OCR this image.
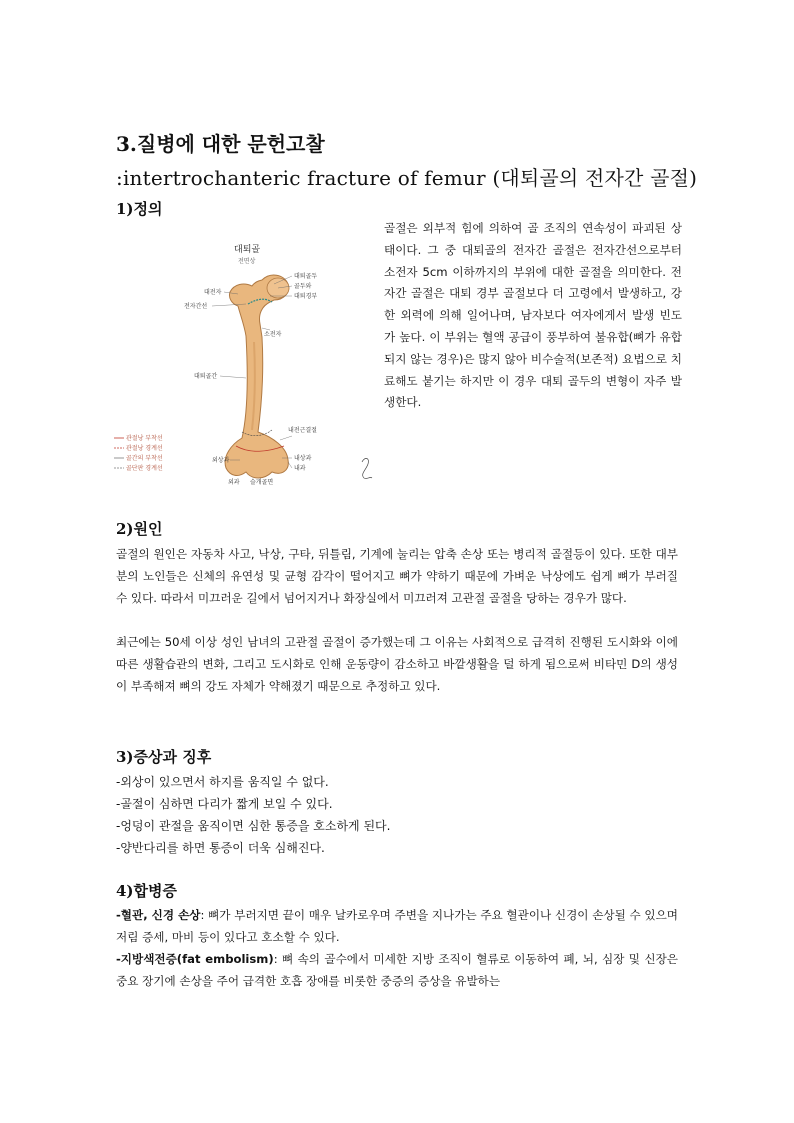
3.질병에 대한 문헌고찰
:intertrochanteric fracture of femur (대퇴골의 전자간 골절)
1)정의
대퇴골
전면상
대전자
대퇴골두
골두와
대퇴경부
전자간선
소전자
대퇴골간
내전근결절
내상과
내과
외상과
외과 슬개골면
관절낭 부착선
관절낭 경계선
골간의 부착선
골단판 경계선
골절은 외부적 힘에 의하여 골 조직의 연속성이 파괴된 상태이다. 그 중 대퇴골의 전자간 골절은 전자간선으로부터 소전자 5cm 이하까지의 부위에 대한 골절을 의미한다. 전자간 골절은 대퇴 경부 골절보다 더 고령에서 발생하고, 강한 외력에 의해 일어나며, 남자보다 여자에게서 발생 빈도가 높다. 이 부위는 혈액 공급이 풍부하여 불유합(뼈가 유합 되지 않는 경우)은 많지 않아 비수술적(보존적) 요법으로 치료해도 붙기는 하지만 이 경우 대퇴 골두의 변형이 자주 발생한다.
2)원인
골절의 원인은 자동차 사고, 낙상, 구타, 뒤틀림, 기계에 눌리는 압축 손상 또는 병리적 골절등이 있다. 또한 대부분의 노인들은 신체의 유연성 및 균형 감각이 떨어지고 뼈가 약하기 때문에 가벼운 낙상에도 쉽게 뼈가 부러질 수 있다. 따라서 미끄러운 길에서 넘어지거나 화장실에서 미끄러져 고관절 골절을 당하는 경우가 많다.
최근에는 50세 이상 성인 남녀의 고관절 골절이 증가했는데 그 이유는 사회적으로 급격히 진행된 도시화와 이에 따른 생활습관의 변화, 그리고 도시화로 인해 운동량이 감소하고 바깥생활을 덜 하게 됨으로써 비타민 D의 생성이 부족해져 뼈의 강도 자체가 약해졌기 때문으로 추정하고 있다.
3)증상과 징후
-외상이 있으면서 하지를 움직일 수 없다.
-골절이 심하면 다리가 짧게 보일 수 있다.
-엉덩이 관절을 움직이면 심한 통증을 호소하게 된다.
-양반다리를 하면 통증이 더욱 심해진다.
4)합병증
-혈관, 신경 손상: 뼈가 부러지면 끝이 매우 날카로우며 주변을 지나가는 주요 혈관이나 신경이 손상될 수 있으며 저림 증세, 마비 등이 있다고 호소할 수 있다.
-지방색전증(fat embolism): 뼈 속의 골수에서 미세한 지방 조직이 혈류로 이동하여 폐, 뇌, 심장 및 신장은 중요 장기에 손상을 주어 급격한 호흡 장애를 비롯한 중증의 증상을 유발하는
